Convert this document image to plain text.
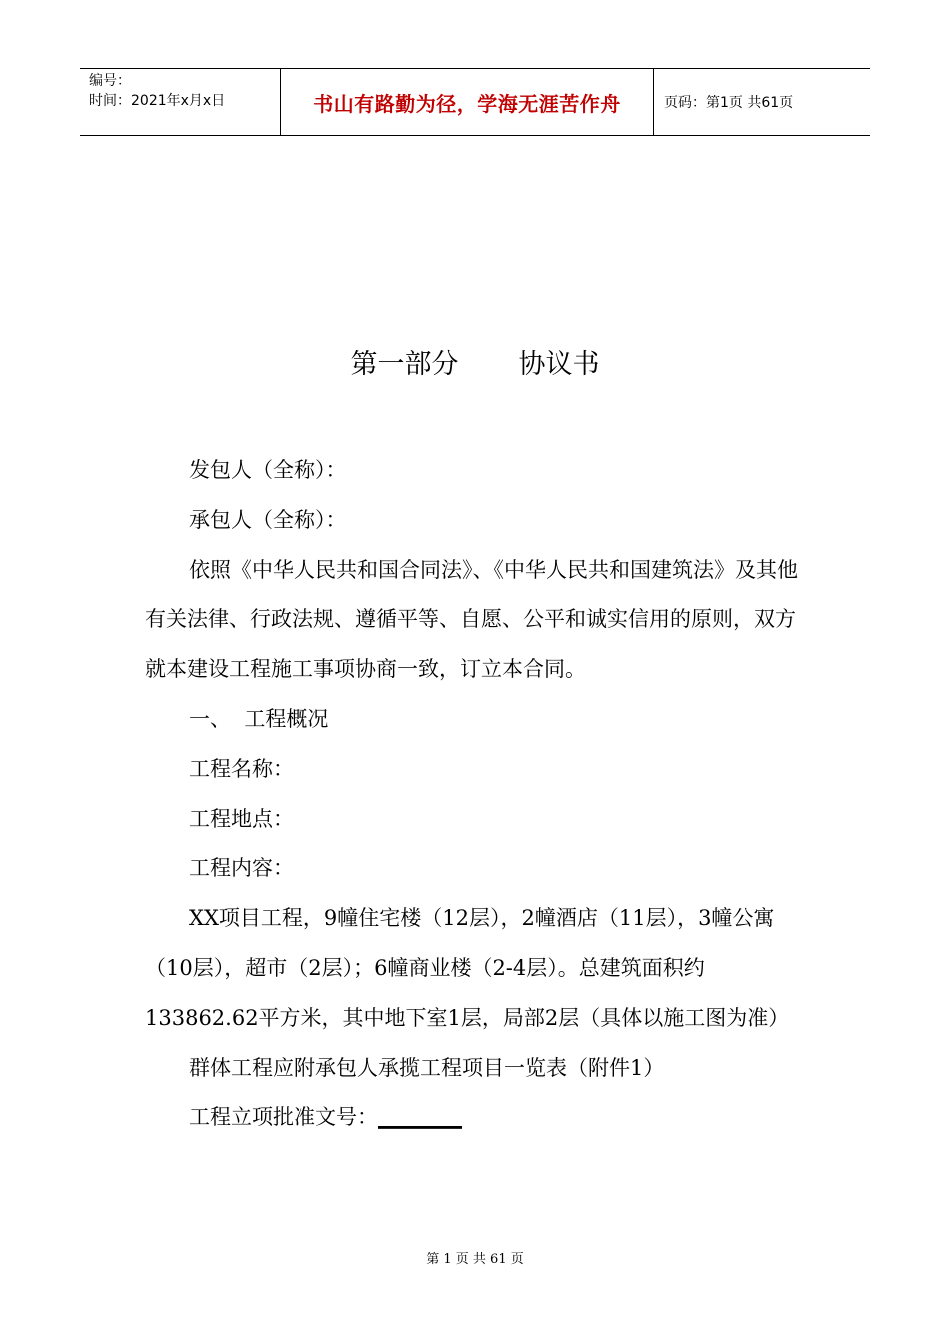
编号：
时间：2021年x月x日	书山有路勤为径，学海无涯苦作舟	页码：第1页 共61页
第一部分       协议书

发包人（全称）：

承包人（全称）：

依照《中华人民共和国合同法》、《中华人民共和国建筑法》及其他有关法律、行政法规、遵循平等、自愿、公平和诚实信用的原则，双方就本建设工程施工事项协商一致，订立本合同。

一、  工程概况

工程名称：

工程地点：

工程内容：

XX项目工程，9幢住宅楼（12层），2幢酒店（11层），3幢公寓（10层），超市（2层）；6幢商业楼（2-4层）。总建筑面积约133862.62平方米，其中地下室1层，局部2层（具体以施工图为准）

群体工程应附承包人承揽工程项目一览表（附件1）

工程立项批准文号：________

第 1 页 共 61 页
